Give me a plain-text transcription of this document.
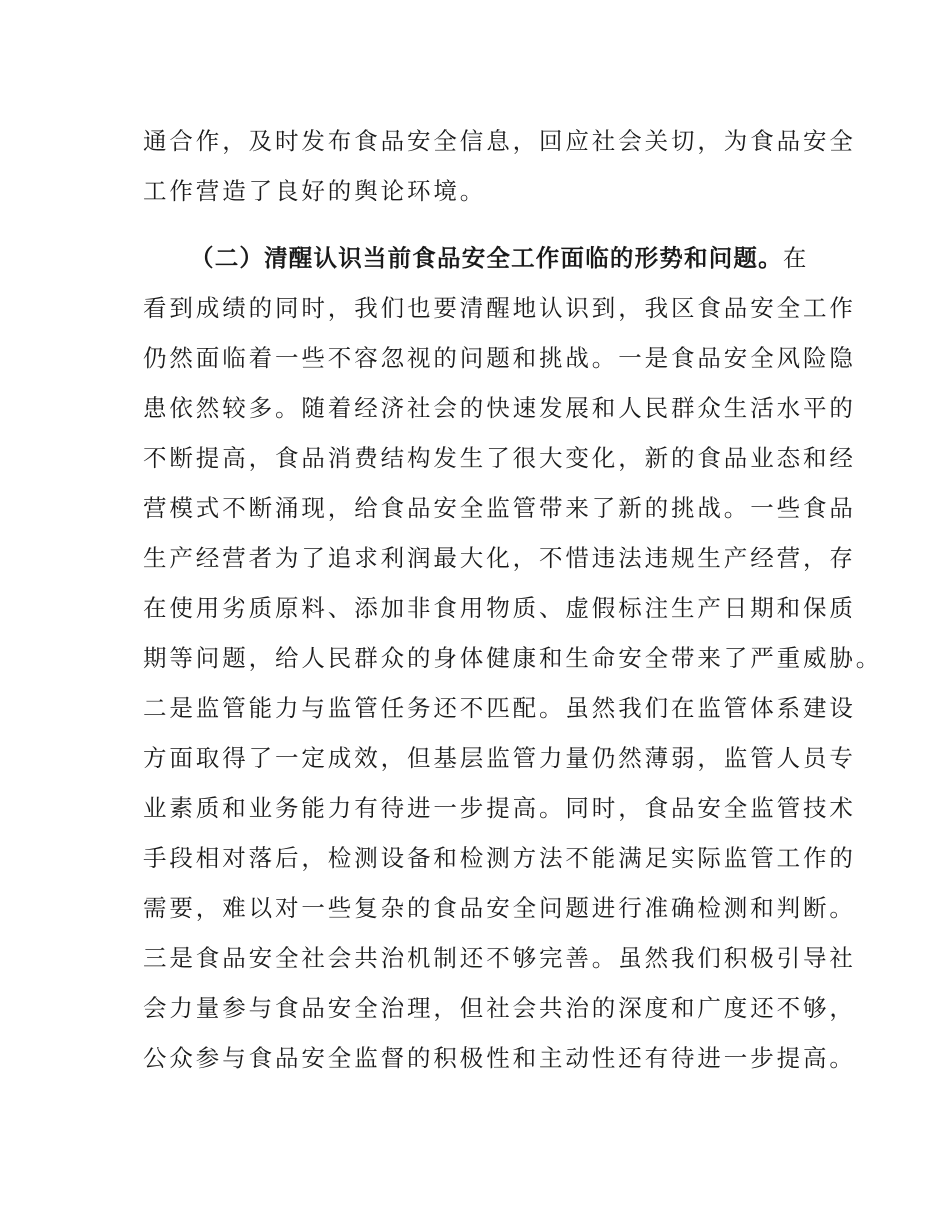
通合作，及时发布食品安全信息，回应社会关切，为食品安全
工作营造了良好的舆论环境。
（二）清醒认识当前食品安全工作面临的形势和问题。在
看到成绩的同时，我们也要清醒地认识到，我区食品安全工作
仍然面临着一些不容忽视的问题和挑战。一是食品安全风险隐
患依然较多。随着经济社会的快速发展和人民群众生活水平的
不断提高，食品消费结构发生了很大变化，新的食品业态和经
营模式不断涌现，给食品安全监管带来了新的挑战。一些食品
生产经营者为了追求利润最大化，不惜违法违规生产经营，存
在使用劣质原料、添加非食用物质、虚假标注生产日期和保质
期等问题，给人民群众的身体健康和生命安全带来了严重威胁。
二是监管能力与监管任务还不匹配。虽然我们在监管体系建设
方面取得了一定成效，但基层监管力量仍然薄弱，监管人员专
业素质和业务能力有待进一步提高。同时，食品安全监管技术
手段相对落后，检测设备和检测方法不能满足实际监管工作的
需要，难以对一些复杂的食品安全问题进行准确检测和判断。
三是食品安全社会共治机制还不够完善。虽然我们积极引导社
会力量参与食品安全治理，但社会共治的深度和广度还不够，
公众参与食品安全监督的积极性和主动性还有待进一步提高。
